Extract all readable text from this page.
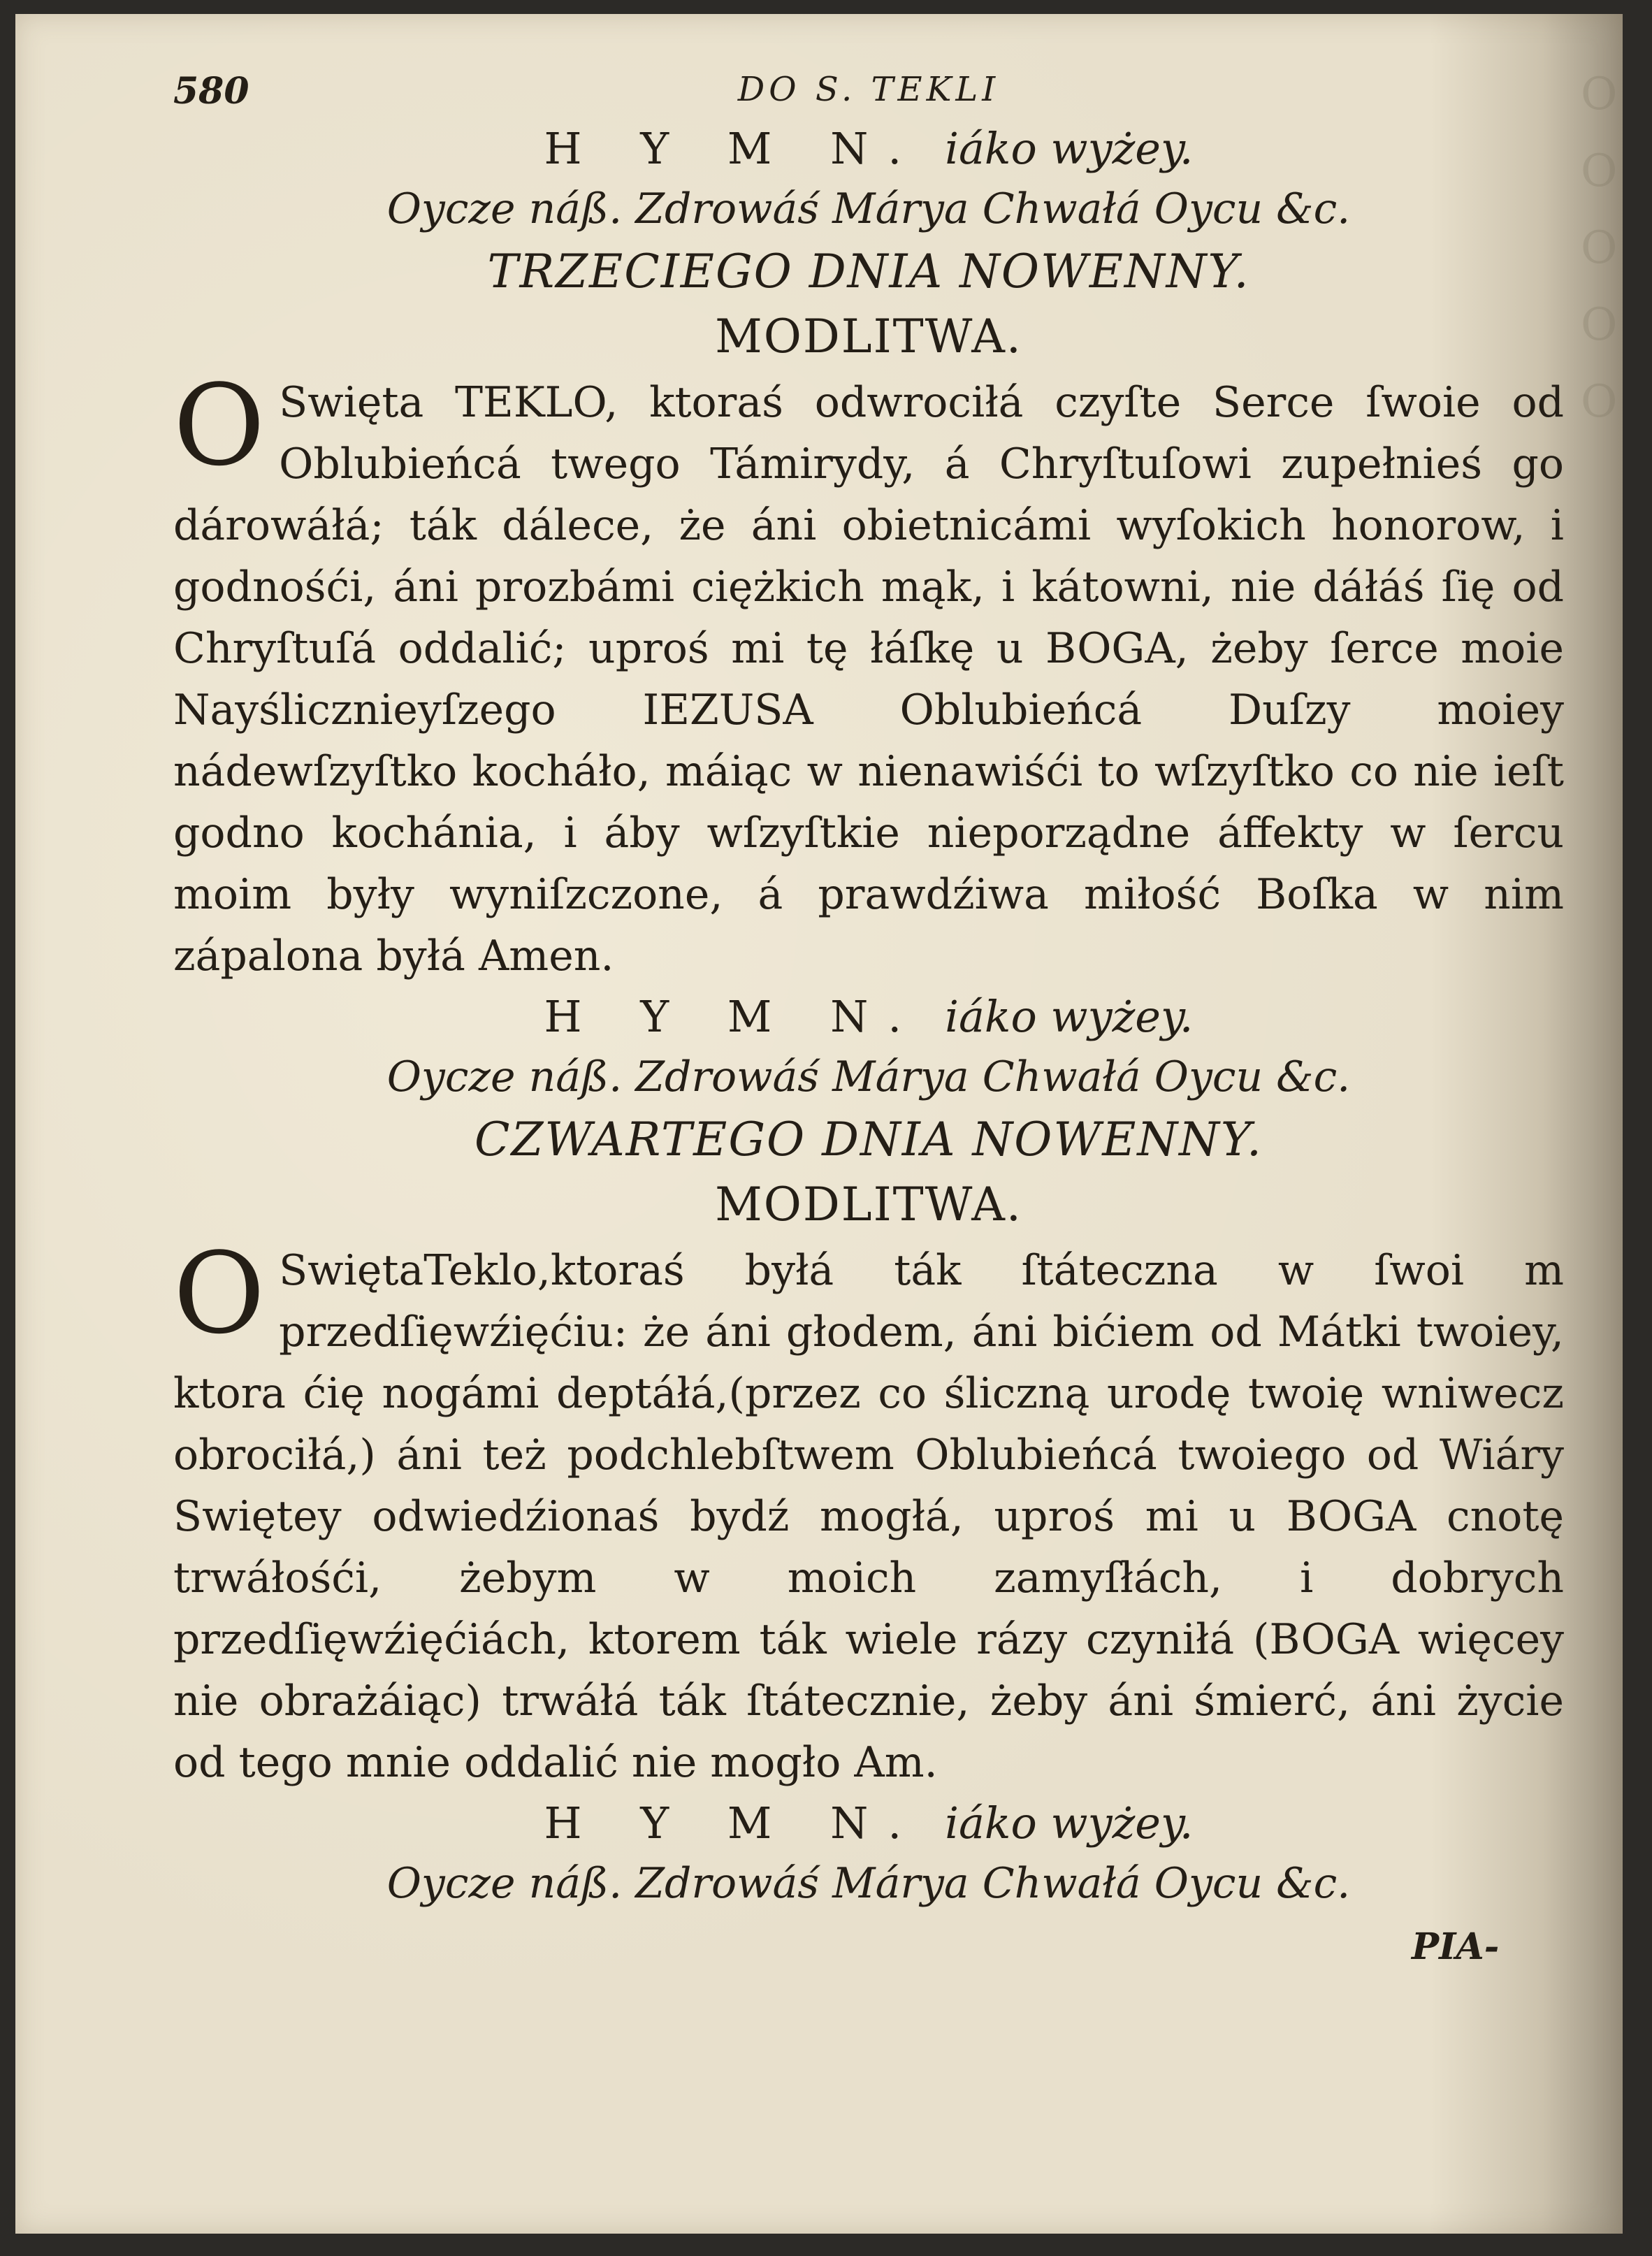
O
O
O
O
O
580	DO S. TEKLI
H Y M N. iáko wyżey.
Oycze náß. Zdrowáś Márya Chwałá Oycu &c.
TRZECIEGO DNIA NOWENNY.
MODLITWA.

O Swięta TEKLO, ktoraś odwrociłá czyſte Serce ſwoie od Oblubieńcá twego Támirydy, á Chryſtuſowi zupełnieś go dárowáłá; ták dálece, że áni obietnicámi wyſokich honorow, i godnośći, áni prozbámi ciężkich mąk, i kátowni, nie dáłáś ſię od Chryſtuſá oddalić; uproś mi tę łáſkę u BOGA, żeby ſerce moie Nayślicznieyſzego IEZUSA Oblubieńcá Duſzy moiey nádewſzyſtko kocháło, máiąc w nienawiśći to wſzyſtko co nie ieſt godno kochánia, i áby wſzyſtkie nieporządne áffekty w ſercu moim były wyniſzczone, á prawdźiwa miłość Boſka w nim zápalona byłá Amen.

H Y M N. iáko wyżey.
Oycze náß. Zdrowáś Márya Chwałá Oycu &c.
CZWARTEGO DNIA NOWENNY.
MODLITWA.

O SwiętaTeklo,ktoraś byłá ták ſtáteczna w ſwoi m przedſięwźięćiu: że áni głodem, áni bićiem od Mátki twoiey, ktora ćię nogámi deptáłá,(przez co śliczną urodę twoię wniwecz obrociłá,) áni też podchlebſtwem Oblubieńcá twoiego od Wiáry Swiętey odwiedźionaś bydź mogłá, uproś mi u BOGA cnotę trwáłośći, żebym w moich zamyſłách, i dobrych przedſięwźięćiách, ktorem ták wiele rázy czyniłá (BOGA więcey nie obrażáiąc) trwáłá ták ſtátecznie, żeby áni śmierć, áni życie od tego mnie oddalić nie mogło Am.

H Y M N. iáko wyżey.
Oycze náß. Zdrowáś Márya Chwałá Oycu &c.
PIA-
